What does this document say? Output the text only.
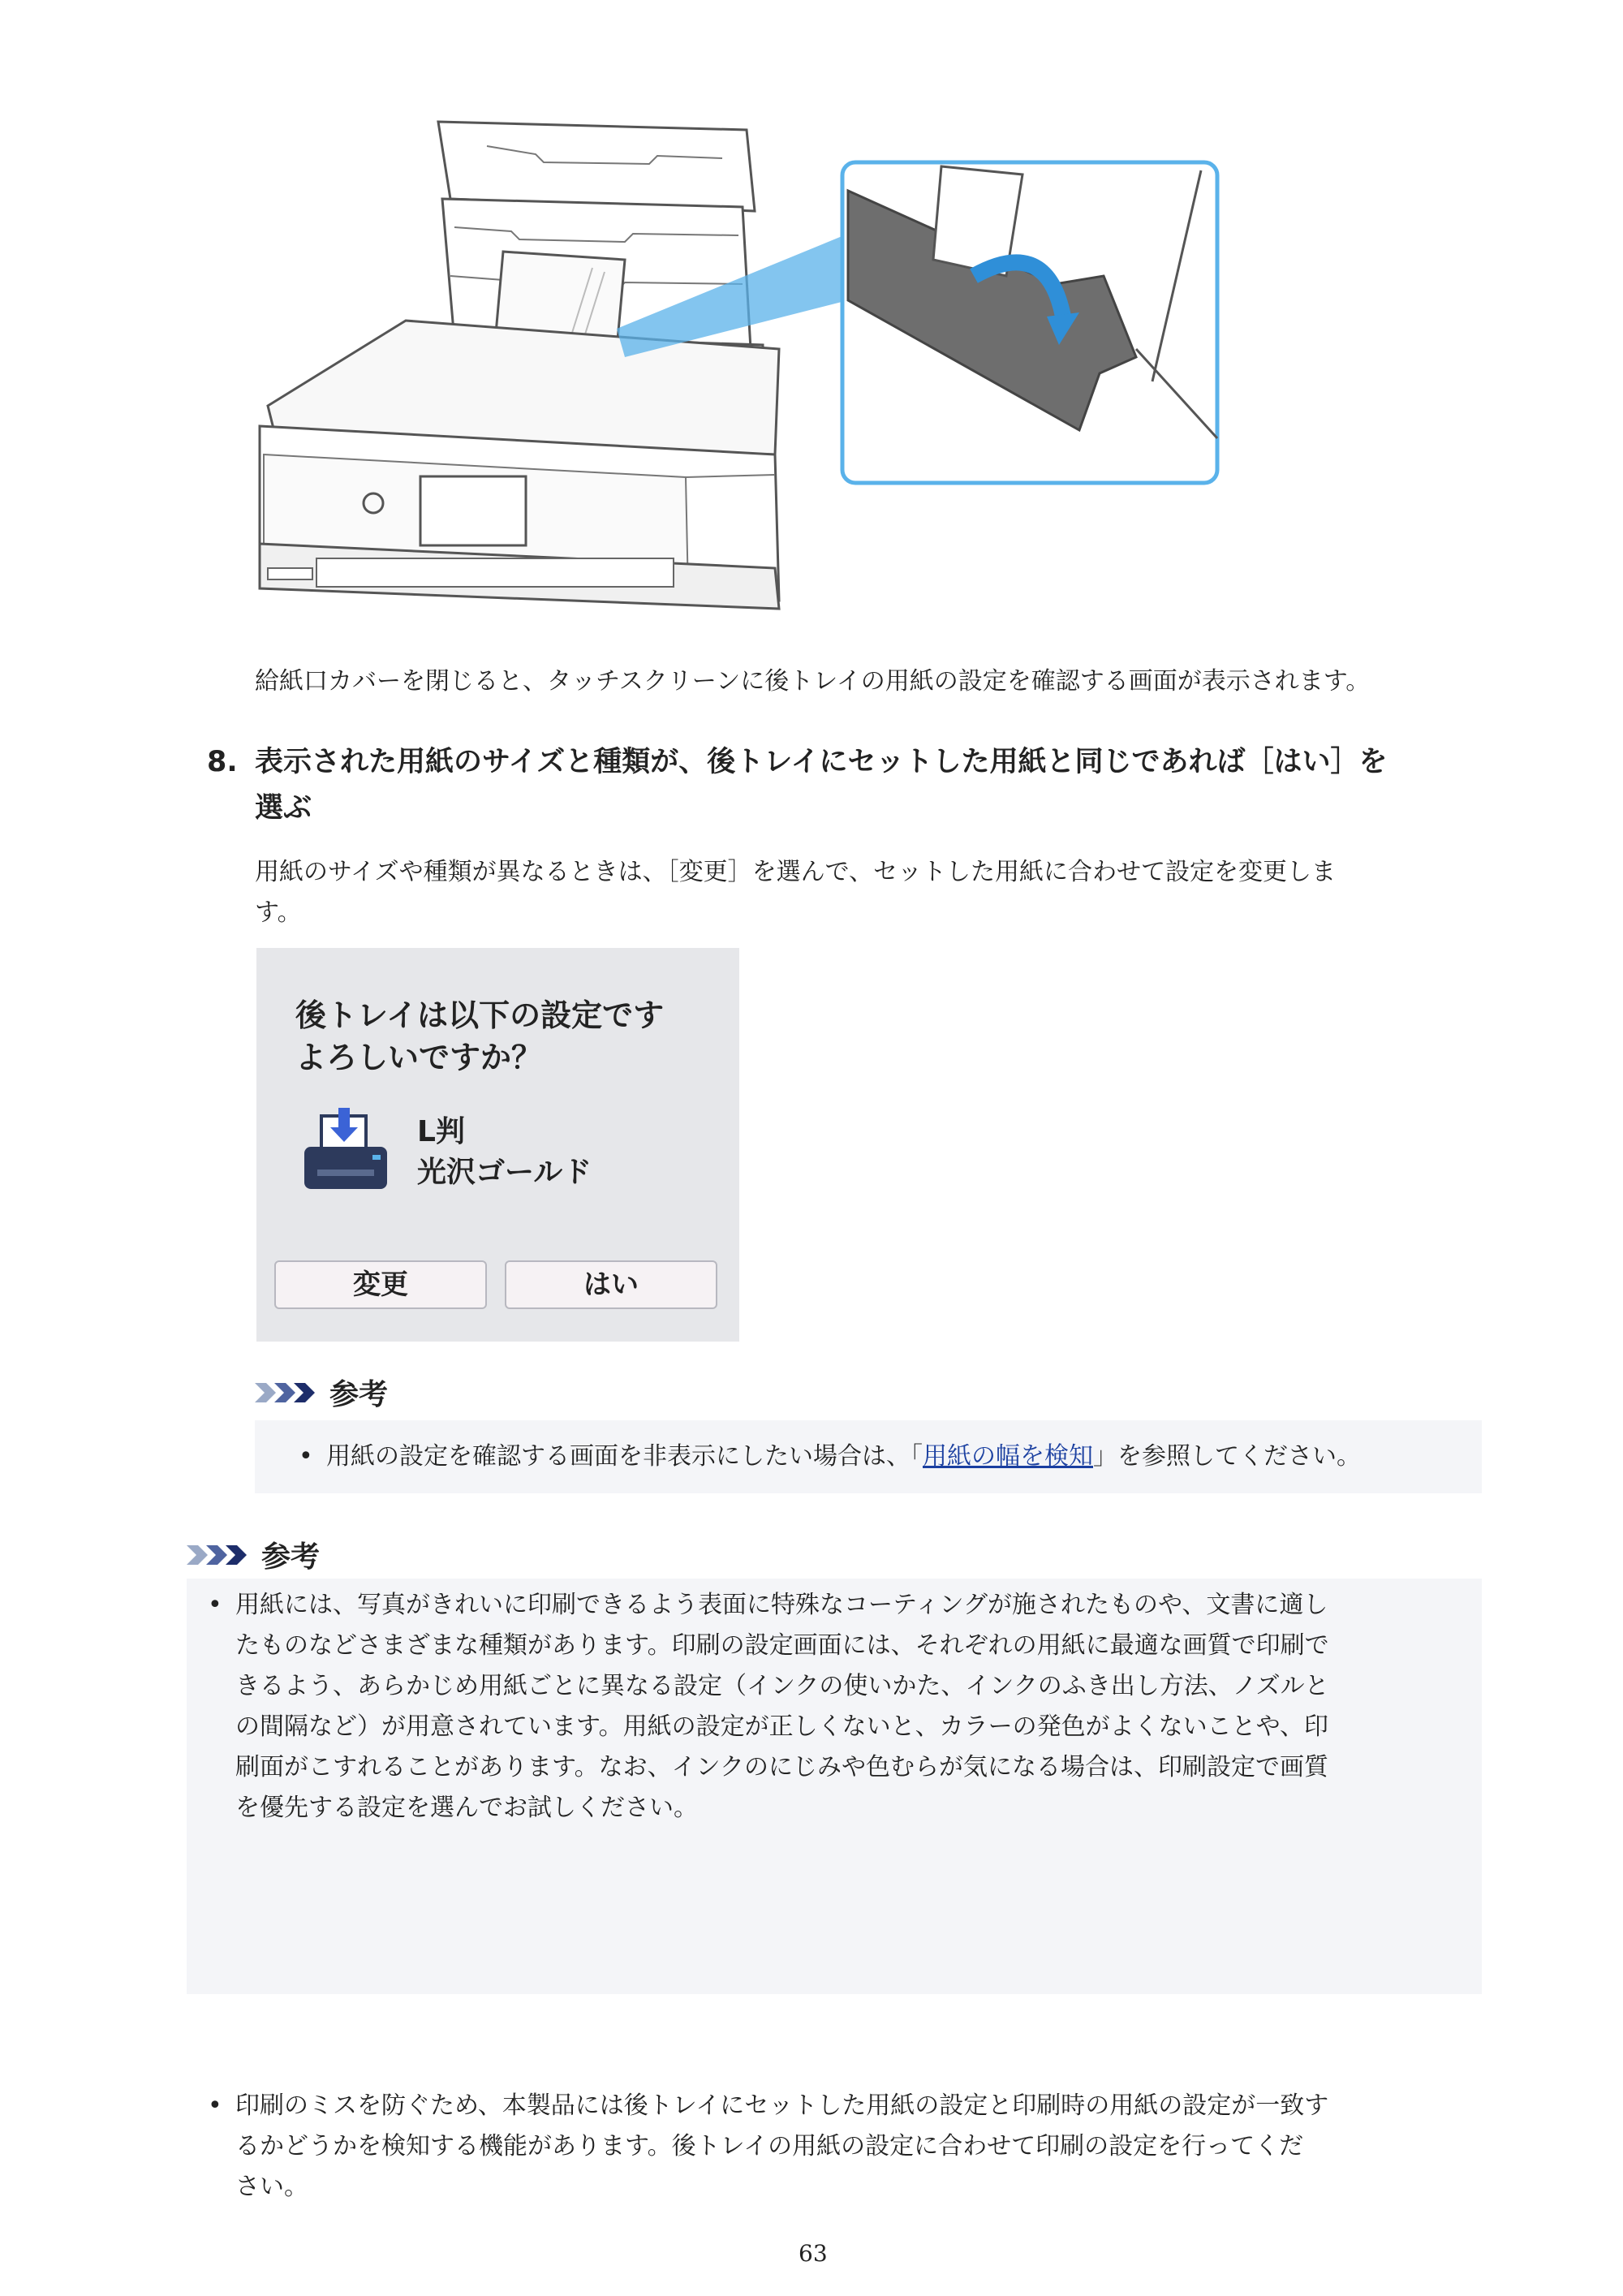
給紙口カバーを閉じると、タッチスクリーンに後トレイの用紙の設定を確認する画面が表示されます。
8. 表示された用紙のサイズと種類が、後トレイにセットした用紙と同じであれば［はい］を
選ぶ
用紙のサイズや種類が異なるときは、［変更］を選んで、セットした用紙に合わせて設定を変更しま
す。
後トレイは以下の設定です
よろしいですか？
L判
光沢ゴールド
変更	はい
参考
• 用紙の設定を確認する画面を非表示にしたい場合は、「用紙の幅を検知」を参照してください。
参考
• 用紙には、写真がきれいに印刷できるよう表面に特殊なコーティングが施されたものや、文書に適し
たものなどさまざまな種類があります。印刷の設定画面には、それぞれの用紙に最適な画質で印刷で
きるよう、あらかじめ用紙ごとに異なる設定（インクの使いかた、インクのふき出し方法、ノズルと
の間隔など）が用意されています。用紙の設定が正しくないと、カラーの発色がよくないことや、印
刷面がこすれることがあります。なお、インクのにじみや色むらが気になる場合は、印刷設定で画質
を優先する設定を選んでお試しください。
• 印刷のミスを防ぐため、本製品には後トレイにセットした用紙の設定と印刷時の用紙の設定が一致す
るかどうかを検知する機能があります。後トレイの用紙の設定に合わせて印刷の設定を行ってくだ
さい。
63
